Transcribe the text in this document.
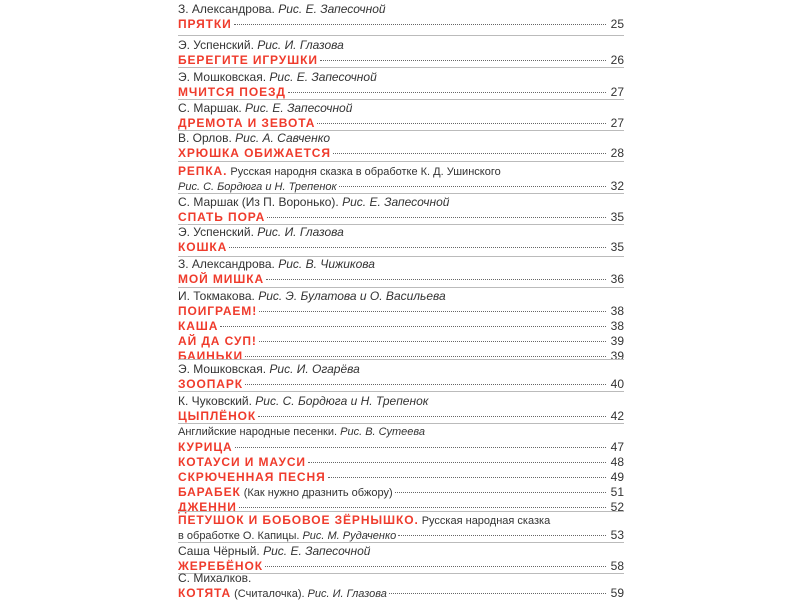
З. Александрова. Рис. Е. Запесочной
ПРЯТКИ	25
Э. Успенский. Рис. И. Глазова
БЕРЕГИТЕ ИГРУШКИ	26
Э. Мошковская. Рис. Е. Запесочной
МЧИТСЯ ПОЕЗД	27
С. Маршак. Рис. Е. Запесочной
ДРЕМОТА И ЗЕВОТА	27
В. Орлов. Рис. А. Савченко
ХРЮШКА ОБИЖАЕТСЯ	28
РЕПКА. Русская народня сказка в обработке К. Д. Ушинского
Рис. С. Бордюга и Н. Трепенок	32
С. Маршак (Из П. Воронько). Рис. Е. Запесочной
СПАТЬ ПОРА	35
Э. Успенский. Рис. И. Глазова
КОШКА	35
З. Александрова. Рис. В. Чижикова
МОЙ МИШКА	36
И. Токмакова. Рис. Э. Булатова и О. Васильева
ПОИГРАЕМ!	38
КАША	38
АЙ ДА СУП!	39
БАИНЬКИ	39
Э. Мошковская. Рис. И. Огарёва
ЗООПАРК	40
К. Чуковский. Рис. С. Бордюга и Н. Трепенок
ЦЫПЛЁНОК	42
Английские народные песенки. Рис. В. Сутеева
КУРИЦА	47
КОТАУСИ И МАУСИ	48
СКРЮЧЕННАЯ ПЕСНЯ	49
БАРАБЕК (Как нужно дразнить обжору)	51
ДЖЕННИ	52
ПЕТУШОК И БОБОВОЕ ЗЁРНЫШКО. Русская народная сказка
в обработке О. Капицы. Рис. М. Рудаченко	53
Саша Чёрный. Рис. Е. Запесочной
ЖЕРЕБЁНОК	58
С. Михалков.
КОТЯТА (Считалочка). Рис. И. Глазова	59
